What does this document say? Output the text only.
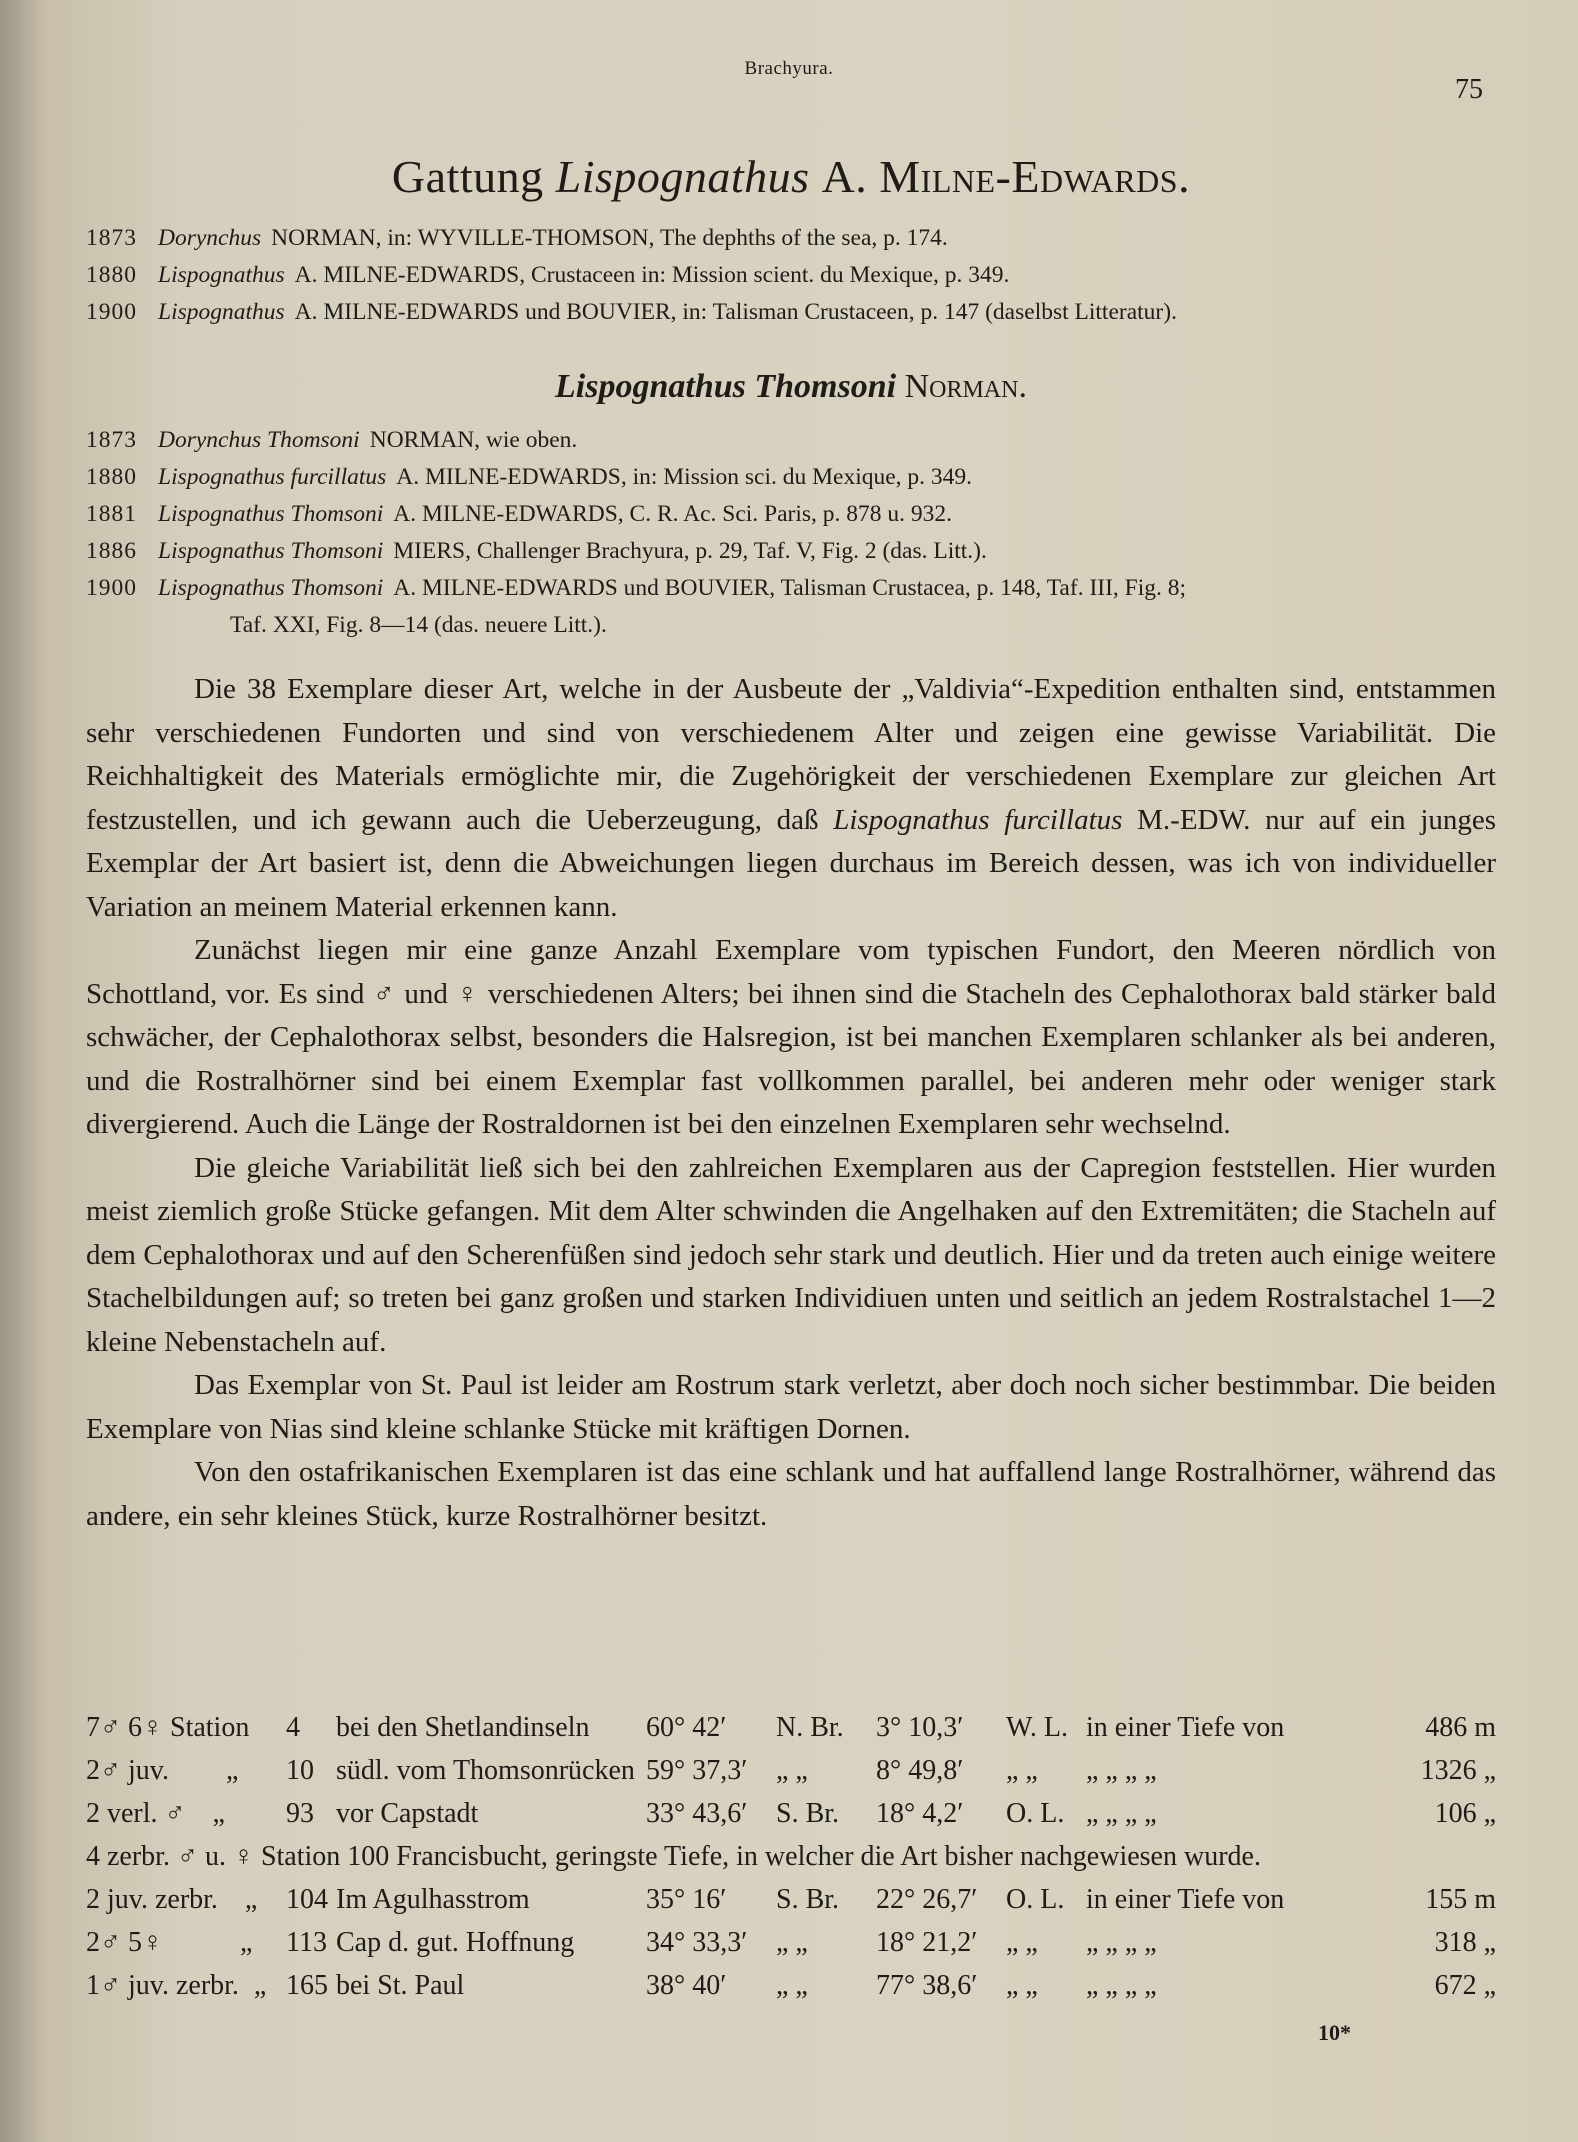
Brachyura.
75
Gattung Lispognathus A. Milne-Edwards.
1873 Dorynchus NORMAN, in: WYVILLE-THOMSON, The dephths of the sea, p. 174.
1880 Lispognathus A. MILNE-EDWARDS, Crustaceen in: Mission scient. du Mexique, p. 349.
1900 Lispognathus A. MILNE-EDWARDS und BOUVIER, in: Talisman Crustaceen, p. 147 (daselbst Litteratur).
Lispognathus Thomsoni Norman.
1873 Dorynchus Thomsoni NORMAN, wie oben.
1880 Lispognathus furcillatus A. MILNE-EDWARDS, in: Mission sci. du Mexique, p. 349.
1881 Lispognathus Thomsoni A. MILNE-EDWARDS, C. R. Ac. Sci. Paris, p. 878 u. 932.
1886 Lispognathus Thomsoni MIERS, Challenger Brachyura, p. 29, Taf. V, Fig. 2 (das. Litt.).
1900 Lispognathus Thomsoni A. MILNE-EDWARDS und BOUVIER, Talisman Crustacea, p. 148, Taf. III, Fig. 8;
Taf. XXI, Fig. 8—14 (das. neuere Litt.).

Die 38 Exemplare dieser Art, welche in der Ausbeute der „Valdivia“-Expedition enthalten sind, entstammen sehr verschiedenen Fundorten und sind von verschiedenem Alter und zeigen eine gewisse Variabilität. Die Reichhaltigkeit des Materials ermöglichte mir, die Zugehörigkeit der verschiedenen Exemplare zur gleichen Art festzustellen, und ich gewann auch die Ueberzeugung, daß Lispognathus furcillatus M.-EDW. nur auf ein junges Exemplar der Art basiert ist, denn die Abweichungen liegen durchaus im Bereich dessen, was ich von individueller Variation an meinem Material erkennen kann.

Zunächst liegen mir eine ganze Anzahl Exemplare vom typischen Fundort, den Meeren nördlich von Schottland, vor. Es sind ♂ und ♀ verschiedenen Alters; bei ihnen sind die Stacheln des Cephalothorax bald stärker bald schwächer, der Cephalothorax selbst, besonders die Halsregion, ist bei manchen Exemplaren schlanker als bei anderen, und die Rostralhörner sind bei einem Exemplar fast vollkommen parallel, bei anderen mehr oder weniger stark divergierend. Auch die Länge der Rostraldornen ist bei den einzelnen Exemplaren sehr wechselnd.

Die gleiche Variabilität ließ sich bei den zahlreichen Exemplaren aus der Capregion feststellen. Hier wurden meist ziemlich große Stücke gefangen. Mit dem Alter schwinden die Angelhaken auf den Extremitäten; die Stacheln auf dem Cephalothorax und auf den Scherenfüßen sind jedoch sehr stark und deutlich. Hier und da treten auch einige weitere Stachelbildungen auf; so treten bei ganz großen und starken Individiuen unten und seitlich an jedem Rostralstachel 1—2 kleine Nebenstacheln auf.

Das Exemplar von St. Paul ist leider am Rostrum stark verletzt, aber doch noch sicher bestimmbar. Die beiden Exemplare von Nias sind kleine schlanke Stücke mit kräftigen Dornen.

Von den ostafrikanischen Exemplaren ist das eine schlank und hat auffallend lange Rostralhörner, während das andere, ein sehr kleines Stück, kurze Rostralhörner besitzt.

7♂ 6♀ Station	4	bei den Shetlandinseln	60° 42′	N. Br.	3° 10,3′	W. L.	in einer Tiefe von	486 m
2♂ juv. „	10	südl. vom Thomsonrücken	59° 37,3′	„ „	8° 49,8′	„ „	„ „ „ „	1326 „
2 verl. ♂ „	93	vor Capstadt	33° 43,6′	S. Br.	18° 4,2′	O. L.	„ „ „ „	106 „
4 zerbr. ♂ u. ♀ Station 100 Francisbucht, geringste Tiefe, in welcher die Art bisher nachgewiesen wurde.								
2 juv. zerbr. „	104	Im Agulhasstrom	35° 16′	S. Br.	22° 26,7′	O. L.	in einer Tiefe von	155 m
2♂ 5♀ „	113	Cap d. gut. Hoffnung	34° 33,3′	„ „	18° 21,2′	„ „	„ „ „ „	318 „
1♂ juv. zerbr. „	165	bei St. Paul	38° 40′	„ „	77° 38,6′	„ „	„ „ „ „	672 „
10*
